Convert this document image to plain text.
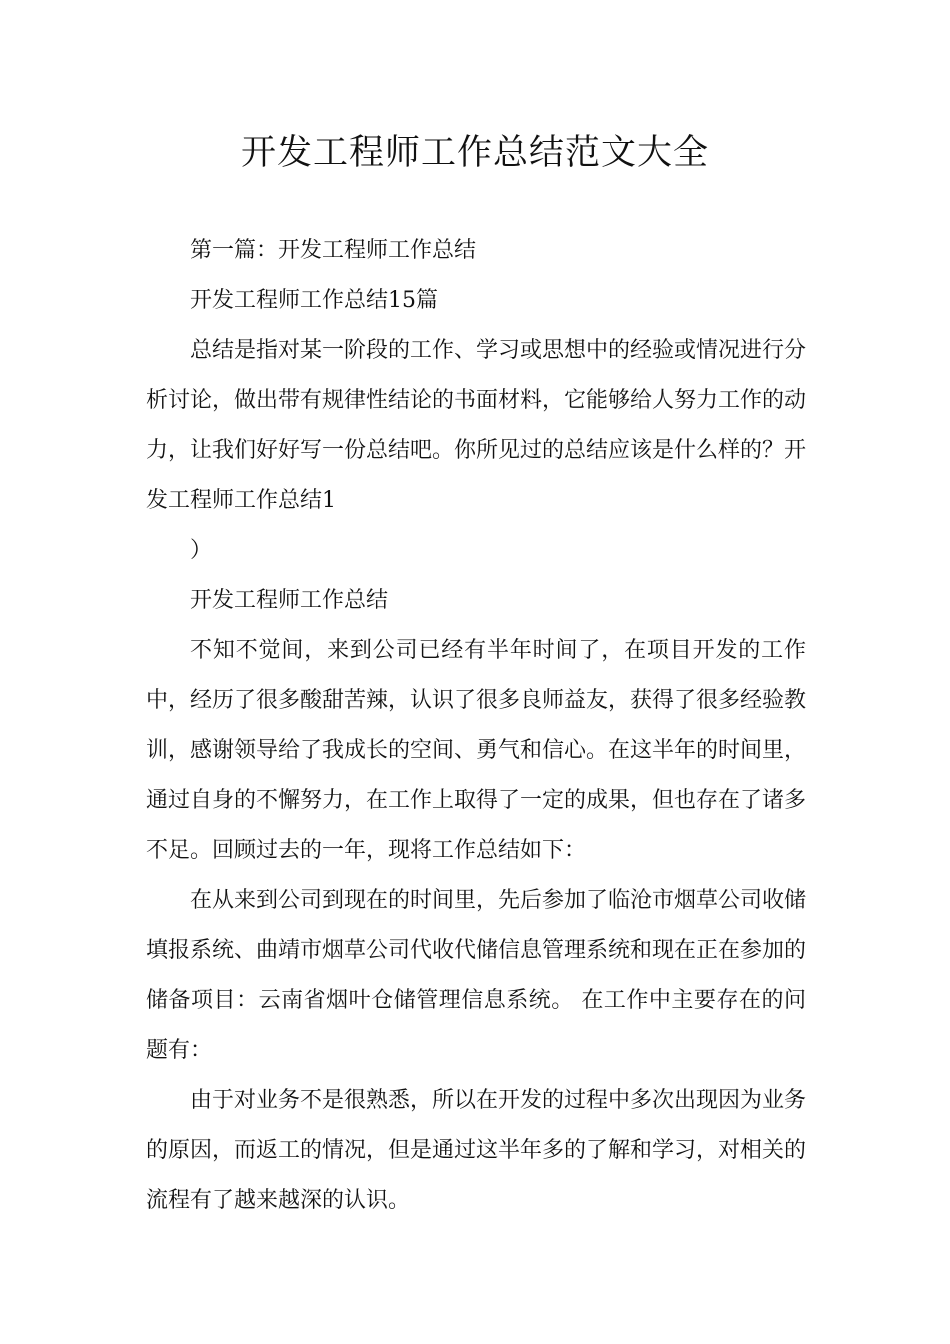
开发工程师工作总结范文大全

第一篇：开发工程师工作总结

开发工程师工作总结15篇

总结是指对某一阶段的工作、学习或思想中的经验或情况进行分析讨论，做出带有规律性结论的书面材料，它能够给人努力工作的动力，让我们好好写一份总结吧。你所见过的总结应该是什么样的？开发工程师工作总结1

）

开发工程师工作总结

不知不觉间，来到公司已经有半年时间了，在项目开发的工作中，经历了很多酸甜苦辣，认识了很多良师益友，获得了很多经验教训，感谢领导给了我成长的空间、勇气和信心。在这半年的时间里，通过自身的不懈努力，在工作上取得了一定的成果，但也存在了诸多不足。回顾过去的一年，现将工作总结如下：

在从来到公司到现在的时间里，先后参加了临沧市烟草公司收储填报系统、曲靖市烟草公司代收代储信息管理系统和现在正在参加的储备项目：云南省烟叶仓储管理信息系统。 在工作中主要存在的问题有：

由于对业务不是很熟悉，所以在开发的过程中多次出现因为业务的原因，而返工的情况，但是通过这半年多的了解和学习，对相关的流程有了越来越深的认识。
